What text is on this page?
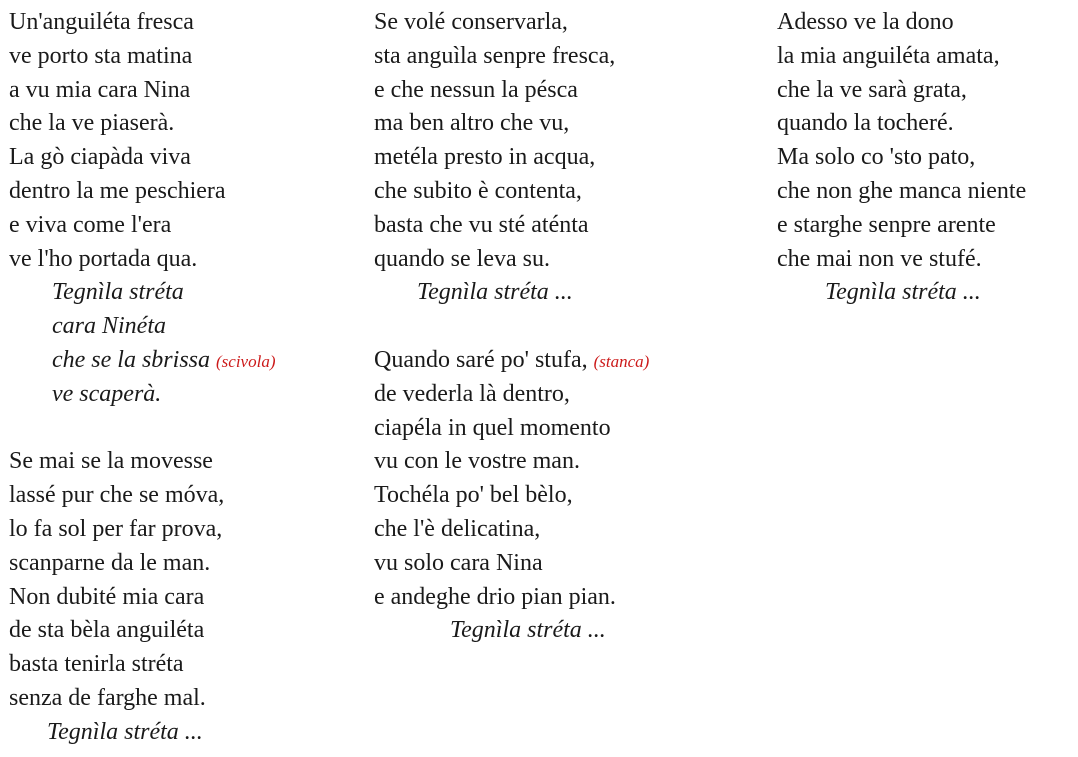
Un'anguiléta fresca
ve porto sta matina
a vu mia cara Nina
che la ve piaserà.
La gò ciapàda viva
dentro la me peschiera
e viva come l'era
ve l'ho portada qua.
Tegnìla stréta
cara Ninéta
che se la sbrissa (scivola)
ve scaperà.
Se mai se la movesse
lassé pur che se móva,
lo fa sol per far prova,
scanparne da le man.
Non dubité mia cara
de sta bèla anguiléta
basta tenirla stréta
senza de farghe mal.
Tegnìla stréta ...
Se volé conservarla,
sta anguìla senpre fresca,
e che nessun la pésca
ma ben altro che vu,
metéla presto in acqua,
che subito è contenta,
basta che vu sté aténta
quando se leva su.
Tegnìla stréta ...
Quando saré po' stufa, (stanca)
de vederla là dentro,
ciapéla in quel momento
vu con le vostre man.
Tochéla po' bel bèlo,
che l'è delicatina,
vu solo cara Nina
e andeghe drio pian pian.
Tegnìla stréta ...
Adesso ve la dono
la mia anguiléta amata,
che la ve sarà grata,
quando la tocheré.
Ma solo co 'sto pato,
che non ghe manca niente
e starghe senpre arente
che mai non ve stufé.
Tegnìla stréta ...
